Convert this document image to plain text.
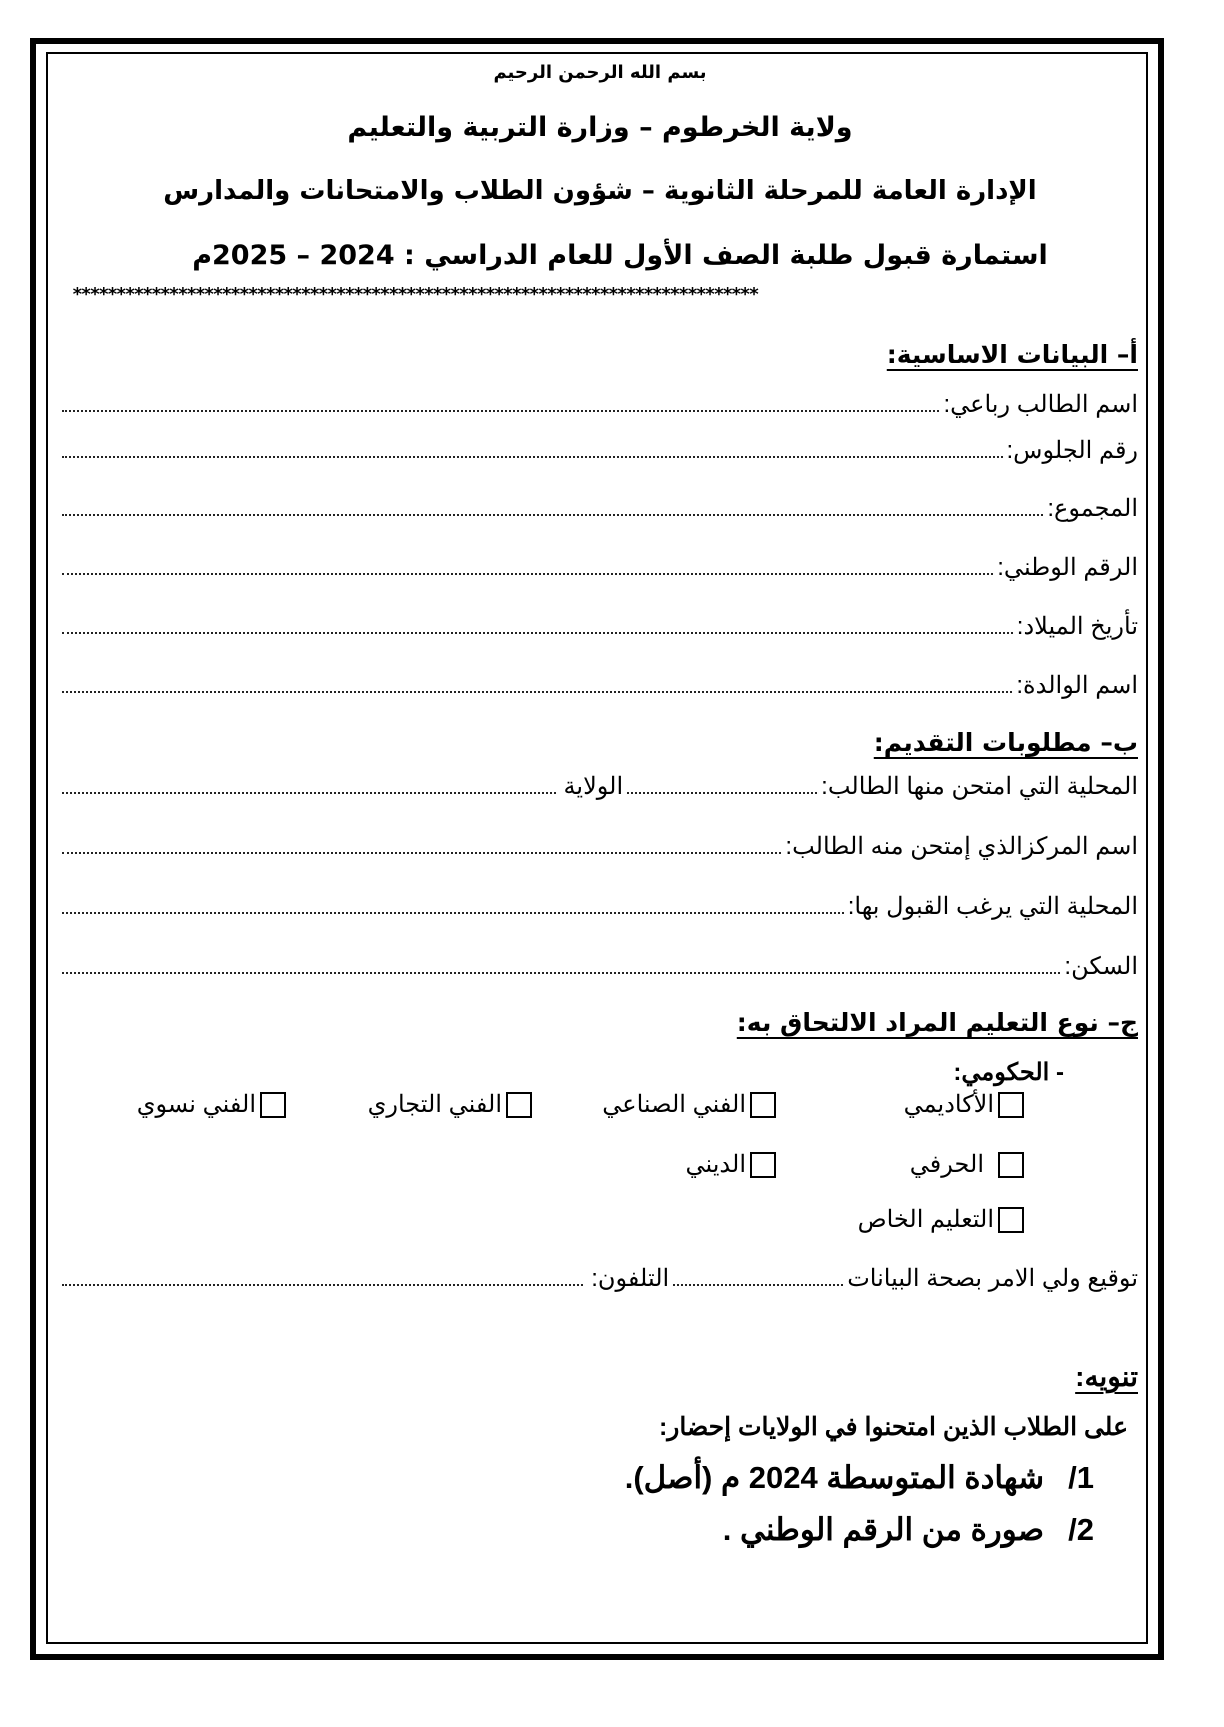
بسم الله الرحمن الرحيم
ولاية الخرطوم – وزارة التربية والتعليم
الإدارة العامة للمرحلة الثانوية – شؤون الطلاب والامتحانات والمدارس
استمارة قبول طلبة الصف الأول للعام الدراسي : 2024 – 2025م
******************************************************************************
أ– البيانات الاساسية:
اسم الطالب رباعي:
رقم الجلوس:
المجموع:
الرقم الوطني:
تأريخ الميلاد:
اسم الوالدة:
ب– مطلوبات التقديم:
المحلية التي امتحن منها الطالب:
الولاية
اسم المركزالذي إمتحن منه الطالب:
المحلية التي يرغب القبول بها:
السكن:
ج– نوع التعليم المراد الالتحاق به:
- الحكومي:
الأكاديمي
الفني الصناعي
الفني التجاري
الفني نسوي
الحرفي
الديني
التعليم الخاص
توقيع ولي الامر بصحة البيانات
التلفون:
تنويه:
على الطلاب الذين امتحنوا في الولايات إحضار:
1/
شهادة المتوسطة 2024 م (أصل).
2/
صورة من الرقم الوطني .
